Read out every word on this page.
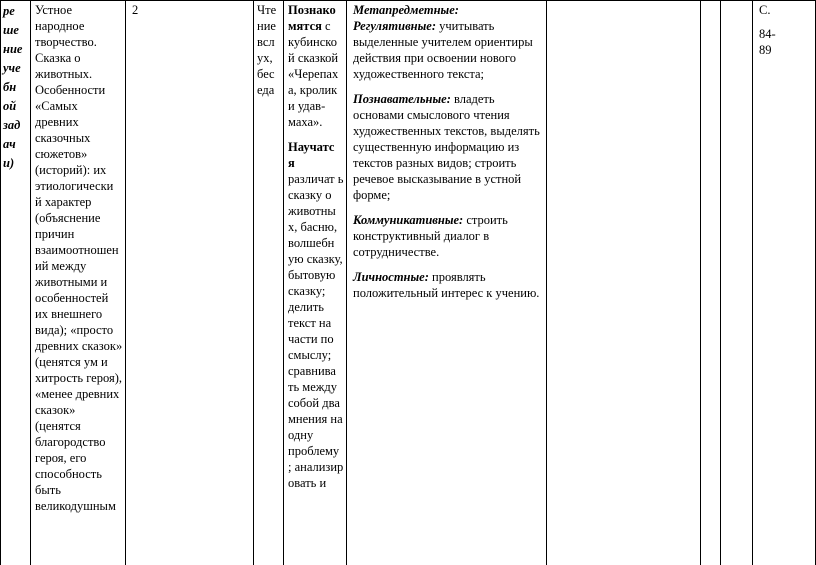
ре ше ние уче бн ой зад ач и)
Устное народное творчество. Сказка о животных. Особенности «Самых древних сказочных сюжетов» (историй): их этиологически й характер (объяснение причин взаимоотношен ий между животными и особенностей их внешнего вида); «просто древних сказок» (ценятся ум и хитрость героя), «менее древних сказок» (ценятся благородство героя, его способность быть великодушным
2	Чте ние всл ух, бес еда

Познако мятся с кубинско й сказкой «Черепах а, кролик и удав-маха».

Научатс я различат ь сказку о животны х, басню, волшебн ую сказку, бытовую сказку; делить текст на части по смыслу; сравнива ть между собой два мнения на одну проблему ; анализир овать и

Метапредметные:
Регулятивные: учитывать выделенные учителем ориентиры действия при освоении нового художественного текста;

Познавательные: владеть основами смыслового чтения художественных текстов, выделять существенную информацию из текстов разных видов; строить речевое высказывание в устной форме;

Коммуникативные: строить конструктивный диалог в сотрудничестве.

Личностные: проявлять положительный интерес к учению.

С.
84-89
